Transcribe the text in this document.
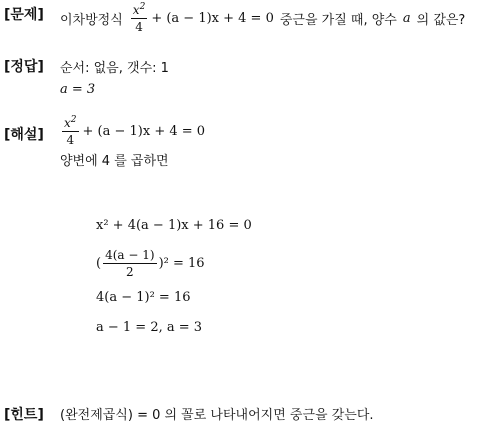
[문제] 이차방정식 $\frac{x^2}{4} + (a - 1)x + 4 = 0$ 중근을 가질 때, 양수 a 의 값은?
[정답] 순서: 없음, 갯수: 1
a = 3
[해설] $\frac{x^2}{4} + (a - 1)x + 4 = 0$
양변에 4 를 곱하면
x² + 4(a − 1)x + 16 = 0
( $\frac{4(a - 1)}{2} )^2 = 16$
4(a − 1)² = 16
a − 1 = 2, a = 3
[힌트] (완전제곱식) = 0 의 꼴로 나타내어지면 중근을 갖는다.
